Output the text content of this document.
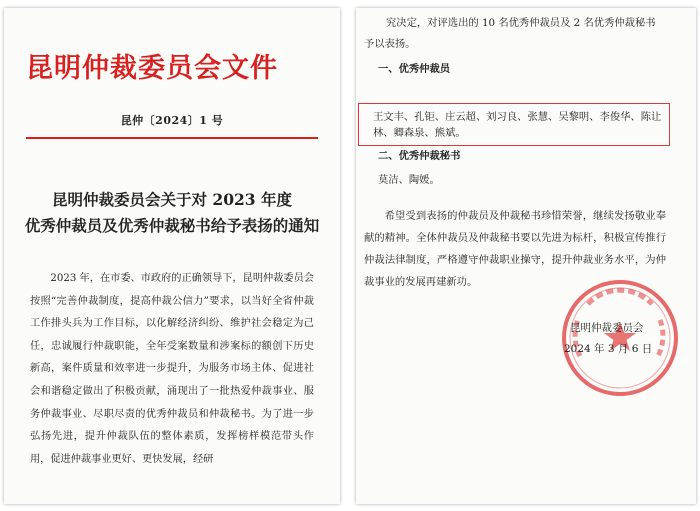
昆明仲裁委员会文件
昆仲〔2024〕1 号
昆明仲裁委员会关于对 2023 年度
优秀仲裁员及优秀仲裁秘书给予表扬的通知
2023 年，在市委、市政府的正确领导下，昆明仲裁委员会按照“完善仲裁制度，提高仲裁公信力”要求，以当好全省仲裁工作排头兵为工作目标，以化解经济纠纷、维护社会稳定为己任，忠诚履行仲裁职能，全年受案数量和涉案标的额创下历史新高，案件质量和效率进一步提升，为服务市场主体、促进社会和谐稳定做出了积极贡献，涌现出了一批热爱仲裁事业、服务仲裁事业、尽职尽责的优秀仲裁员和仲裁秘书。为了进一步弘扬先进，提升仲裁队伍的整体素质，发挥榜样模范带头作用，促进仲裁事业更好、更快发展，经研
究决定，对评选出的 10 名优秀仲裁员及 2 名优秀仲裁秘书
予以表扬。
一、优秀仲裁员
王文丰、孔钜、庄云超、刘习良、张慧、吴黎明、李俊华、陈让林、卿森泉、熊斌。
二、优秀仲裁秘书
莫洁、陶媛。
希望受到表扬的仲裁员及仲裁秘书珍惜荣誉，继续发扬敬业奉献的精神。全体仲裁员及仲裁秘书要以先进为标杆，积极宣传推行仲裁法律制度，严格遵守仲裁职业操守，提升仲裁业务水平，为仲裁事业的发展再建新功。
昆明仲裁委员会
2024 年 3 月 6 日
